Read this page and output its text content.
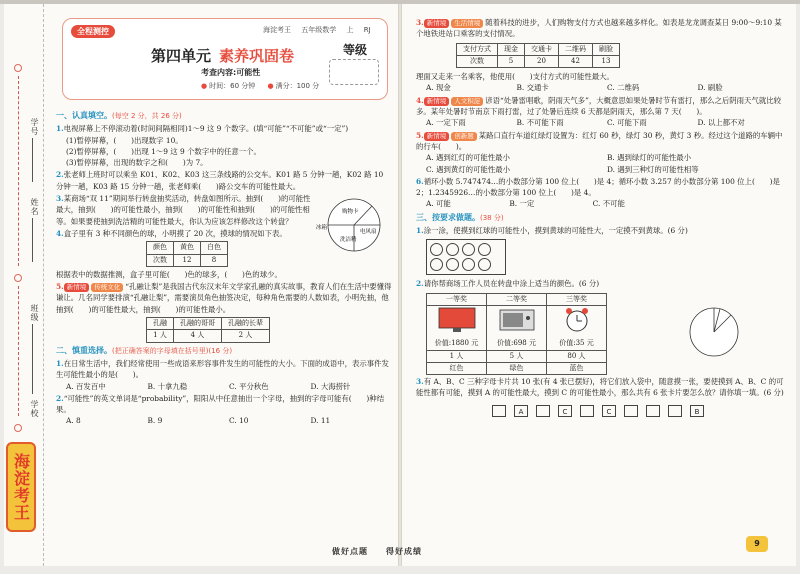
学号
姓名
班级
学校
海淀考王
全程测控	海淀考王 五年级数学 上 RJ
第四单元 素养巩固卷	等级
考查内容:可能性
● 时间：60 分钟 ● 满分：100 分
一、认真填空。(每空 2 分，共 26 分)
1.电视屏幕上不停滚动着(时间间隔相同)1～9 这 9 个数字。(填“可能”“不可能”或“一定”)
(1)暂停屏幕，(　　)出现数字 10。
(2)暂停屏幕，(　　)出现 1～9 这 9 个数字中的任意一个。
(3)暂停屏幕，出现的数字之和(　　)为 7。
2.张老师上班时可以乘坐 K01、K02、K03 这三条线路的公交车。K01 路 5 分钟一趟，K02 路 10 分钟一趟，K03 路 15 分钟一趟，张老师乘(　　)路公交车的可能性最大。
3.某商场“双 11”期间举行转盘抽奖活动，转盘如图所示。抽到(　　)的可能性最大，抽到(　　)的可能性最小，抽到(　　)的可能性和抽到(　　)的可能性相等。如果要使抽到洗洁精的可能性最大，你认为应该怎样修改这个转盘？
购物卡
电风扇
洗洁精
冰箱
4.盒子里有 3 种不同颜色的球，小明摸了 20 次，摸球的情况如下表。
颜色	黄色	白色
次数	12	8
根据表中的数据推测，盒子里可能(　　)色的球多，(　　)色的球少。
5. 新情境 传统文化 “孔融让梨”是我国古代东汉末年文学家孔融的真实故事，教育人们在生活中要懂得谦让。几名同学要排演“孔融让梨”，需要演员角色抽签决定，每种角色需要的人数如表，小明先抽，他抽到(　　)的可能性最大，抽到(　　)的可能性最小。
孔融	孔融的哥哥	孔融的长辈
1 人	4 人	2 人
二、慎重选择。(把正确答案的字母填在括号里)(16 分)
1.在日常生活中，我们经常使用一些成语来形容事件发生的可能性的大小。下面的成语中，表示事件发生可能性最小的是(　　)。
A. 百发百中	B. 十拿九稳	C. 平分秋色	D. 大海捞针
2.“可能性”的英文单词是“probability”，阳阳从中任意抽出一个字母，抽到的字母可能有(　　)种结果。
A. 8	B. 9	C. 10	D. 11
3. 新情境 生活情境 随着科技的进步，人们购物支付方式也越来越多样化。如表是龙龙调查某日 9:00～9:10 某个地铁进站口乘客的支付情况。
支付方式	现金	交通卡	二维码	刷脸
次数	5	20	42	13
理面又走来一名乘客，他使用(　　)支付方式的可能性最大。
A. 现金	B. 交通卡	C. 二维码	D. 刷脸
4. 新情境 人文积淀 谚语“处暑雷唱歌，阴雨天气多”，大概意思如果处暑时节有雷打，那么之后阴雨天气就比较多。某年处暑时节南京下雨打雷，过了处暑后连续 6 天都是阴雨天，那么第 7 天(　　)。
A. 一定下雨	B. 不可能下雨	C. 可能下雨	D. 以上都不对
5. 新情境 创新题 某路口直行车道红绿灯设置为：红灯 60 秒，绿灯 30 秒，黄灯 3 秒。经过这个道路的车辆中的行车(　　)。
A. 遇到红灯的可能性最小	B. 遇到绿灯的可能性最小
C. 遇到黄灯的可能性最小	D. 遇到三种灯的可能性相等
6.循环小数 5.747474…的小数部分第 100 位上(　　)是 4；循环小数 3.257 的小数部分第 100 位上(　　)是 2；1.2345926…的小数部分第 100 位上(　　)是 4。
A. 可能	B. 一定	C. 不可能
三、按要求做题。(38 分)
1.涂一涂，使摸到红球的可能性小，摸到黄球的可能性大，一定摸不到黄球。(6 分)
2.请你帮商场工作人员在转盘中涂上适当的颜色。(6 分)
一等奖	二等奖	三等奖

价值:1880 元	价值:698 元	价值:35 元

1 人	5 人	80 人
红色	绿色	蓝色
3.有 A、B、C 三种字母卡片共 10 张(有 4 张已摆好)，将它们放入袋中，随意摸一张，要使摸到 A、B、C 的可能性都有可能，摸到 A 的可能性最大，摸到 C 的可能性最小，那么共有 6 张卡片要怎么放？请你填一填。(6 分)
A	C	C	B
做好点题　　得好成绩
9
